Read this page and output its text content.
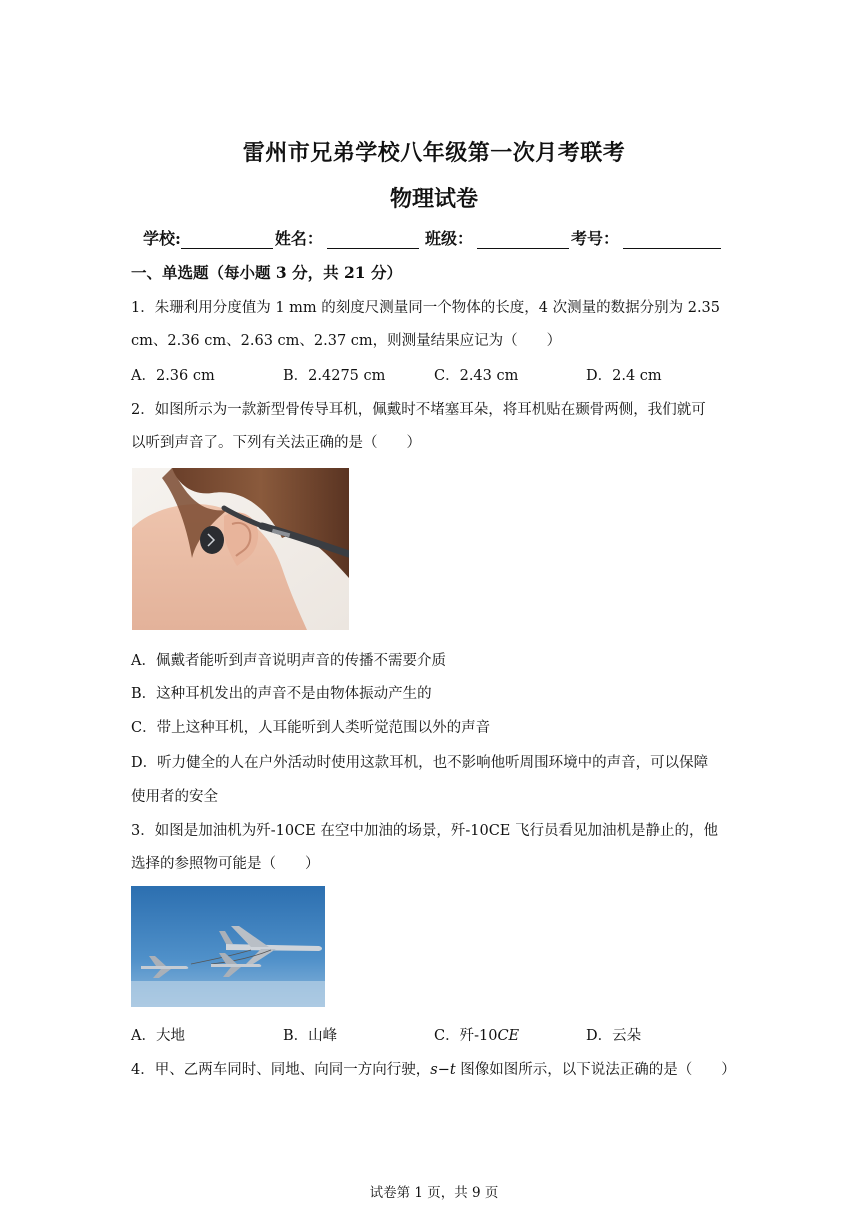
雷州市兄弟学校八年级第一次月考联考
物理试卷
学校:	姓名：	班级：	考号：
一、单选题（每小题 3 分，共 21 分）
1．朱珊利用分度值为 1 mm 的刻度尺测量同一个物体的长度，4 次测量的数据分别为 2.35
cm、2.36 cm、2.63 cm、2.37 cm，则测量结果应记为（　　）
A．2.36 cm	B．2.4275 cm	C．2.43 cm	D．2.4 cm
2．如图所示为一款新型骨传导耳机，佩戴时不堵塞耳朵，将耳机贴在颞骨两侧，我们就可
以听到声音了。下列有关法正确的是（　　）
A．佩戴者能听到声音说明声音的传播不需要介质
B．这种耳机发出的声音不是由物体振动产生的
C．带上这种耳机，人耳能听到人类听觉范围以外的声音
D．听力健全的人在户外活动时使用这款耳机，也不影响他听周围环境中的声音，可以保障
使用者的安全
3．如图是加油机为歼-10CE 在空中加油的场景，歼-10CE 飞行员看见加油机是静止的，他
选择的参照物可能是（　　）
A．大地	B．山峰	C．歼-10CE	D．云朵
4．甲、乙两车同时、同地、向同一方向行驶，s−t 图像如图所示，以下说法正确的是（　　）
试卷第 1 页，共 9 页
